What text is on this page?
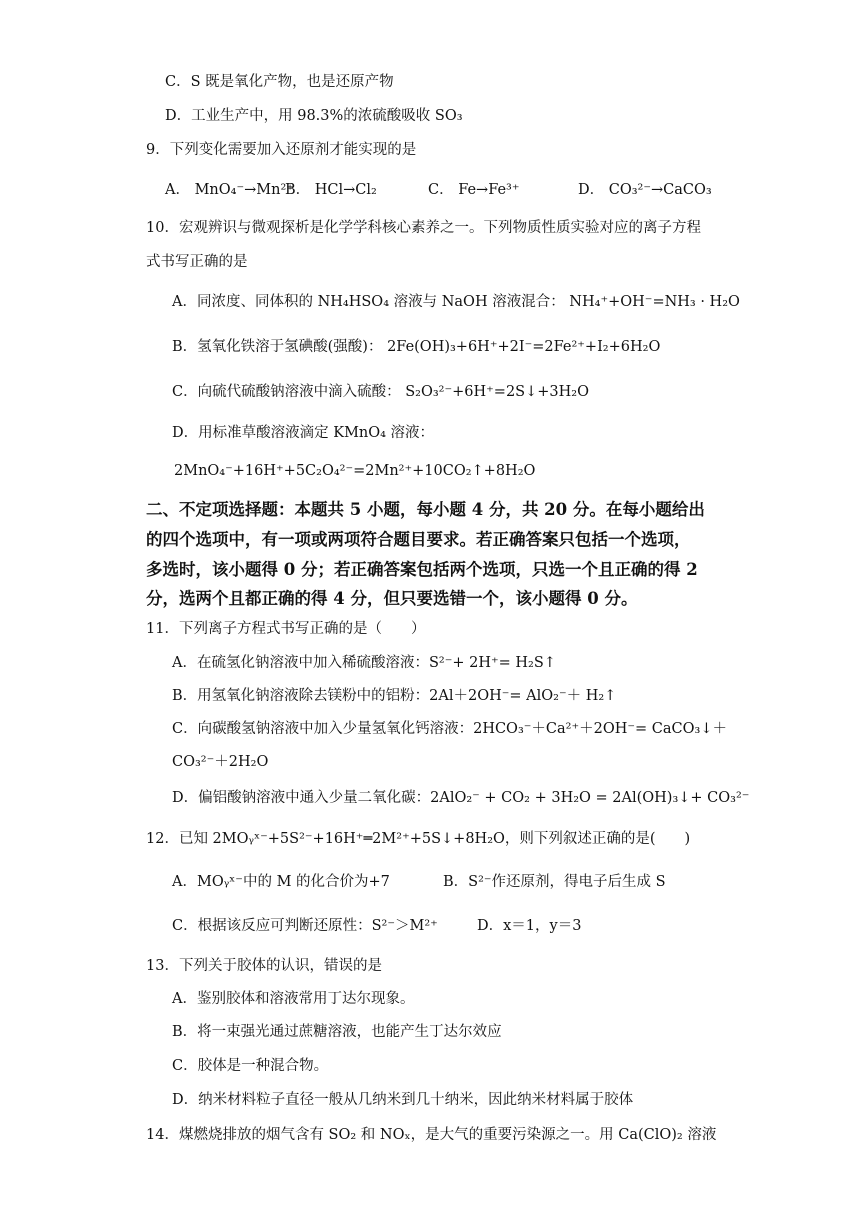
C．S 既是氧化产物，也是还原产物
D．工业生产中，用 98.3%的浓硫酸吸收 SO₃
9．下列变化需要加入还原剂才能实现的是
A． MnO₄⁻→Mn²⁺B． HCl→Cl₂	C． Fe→Fe³⁺	D． CO₃²⁻→CaCO₃
10．宏观辨识与微观探析是化学学科核心素养之一。下列物质性质实验对应的离子方程
式书写正确的是
A．同浓度、同体积的 NH₄HSO₄ 溶液与 NaOH 溶液混合： NH₄⁺+OH⁻=NH₃ · H₂O
B．氢氧化铁溶于氢碘酸(强酸)： 2Fe(OH)₃+6H⁺+2I⁻=2Fe²⁺+I₂+6H₂O
C．向硫代硫酸钠溶液中滴入硫酸： S₂O₃²⁻+6H⁺=2S↓+3H₂O
D．用标准草酸溶液滴定 KMnO₄ 溶液：
2MnO₄⁻+16H⁺+5C₂O₄²⁻=2Mn²⁺+10CO₂↑+8H₂O
二、不定项选择题：本题共 5 小题，每小题 4 分，共 20 分。在每小题给出
的四个选项中，有一项或两项符合题目要求。若正确答案只包括一个选项，
多选时，该小题得 0 分；若正确答案包括两个选项，只选一个且正确的得 2
分，选两个且都正确的得 4 分，但只要选错一个，该小题得 0 分。
11．下列离子方程式书写正确的是（　　）
A．在硫氢化钠溶液中加入稀硫酸溶液：S²⁻+ 2H⁺= H₂S↑
B．用氢氧化钠溶液除去镁粉中的铝粉：2Al＋2OH⁻= AlO₂⁻＋ H₂↑
C．向碳酸氢钠溶液中加入少量氢氧化钙溶液：2HCO₃⁻＋Ca²⁺＋2OH⁻= CaCO₃↓＋
CO₃²⁻＋2H₂O
D．偏铝酸钠溶液中通入少量二氧化碳：2AlO₂⁻ + CO₂ + 3H₂O = 2Al(OH)₃↓+ CO₃²⁻
12．已知 2MOᵧˣ⁻+5S²⁻+16H⁺═2M²⁺+5S↓+8H₂O，则下列叙述正确的是(　　)
A．MOᵧˣ⁻中的 M 的化合价为+7	B．S²⁻作还原剂，得电子后生成 S
C．根据该反应可判断还原性：S²⁻＞M²⁺	D．x＝1，y＝3
13．下列关于胶体的认识，错误的是
A．鉴别胶体和溶液常用丁达尔现象。
B．将一束强光通过蔗糖溶液，也能产生丁达尔效应
C．胶体是一种混合物。
D．纳米材料粒子直径一般从几纳米到几十纳米，因此纳米材料属于胶体
14．煤燃烧排放的烟气含有 SO₂ 和 NOₓ，是大气的重要污染源之一。用 Ca(ClO)₂ 溶液
